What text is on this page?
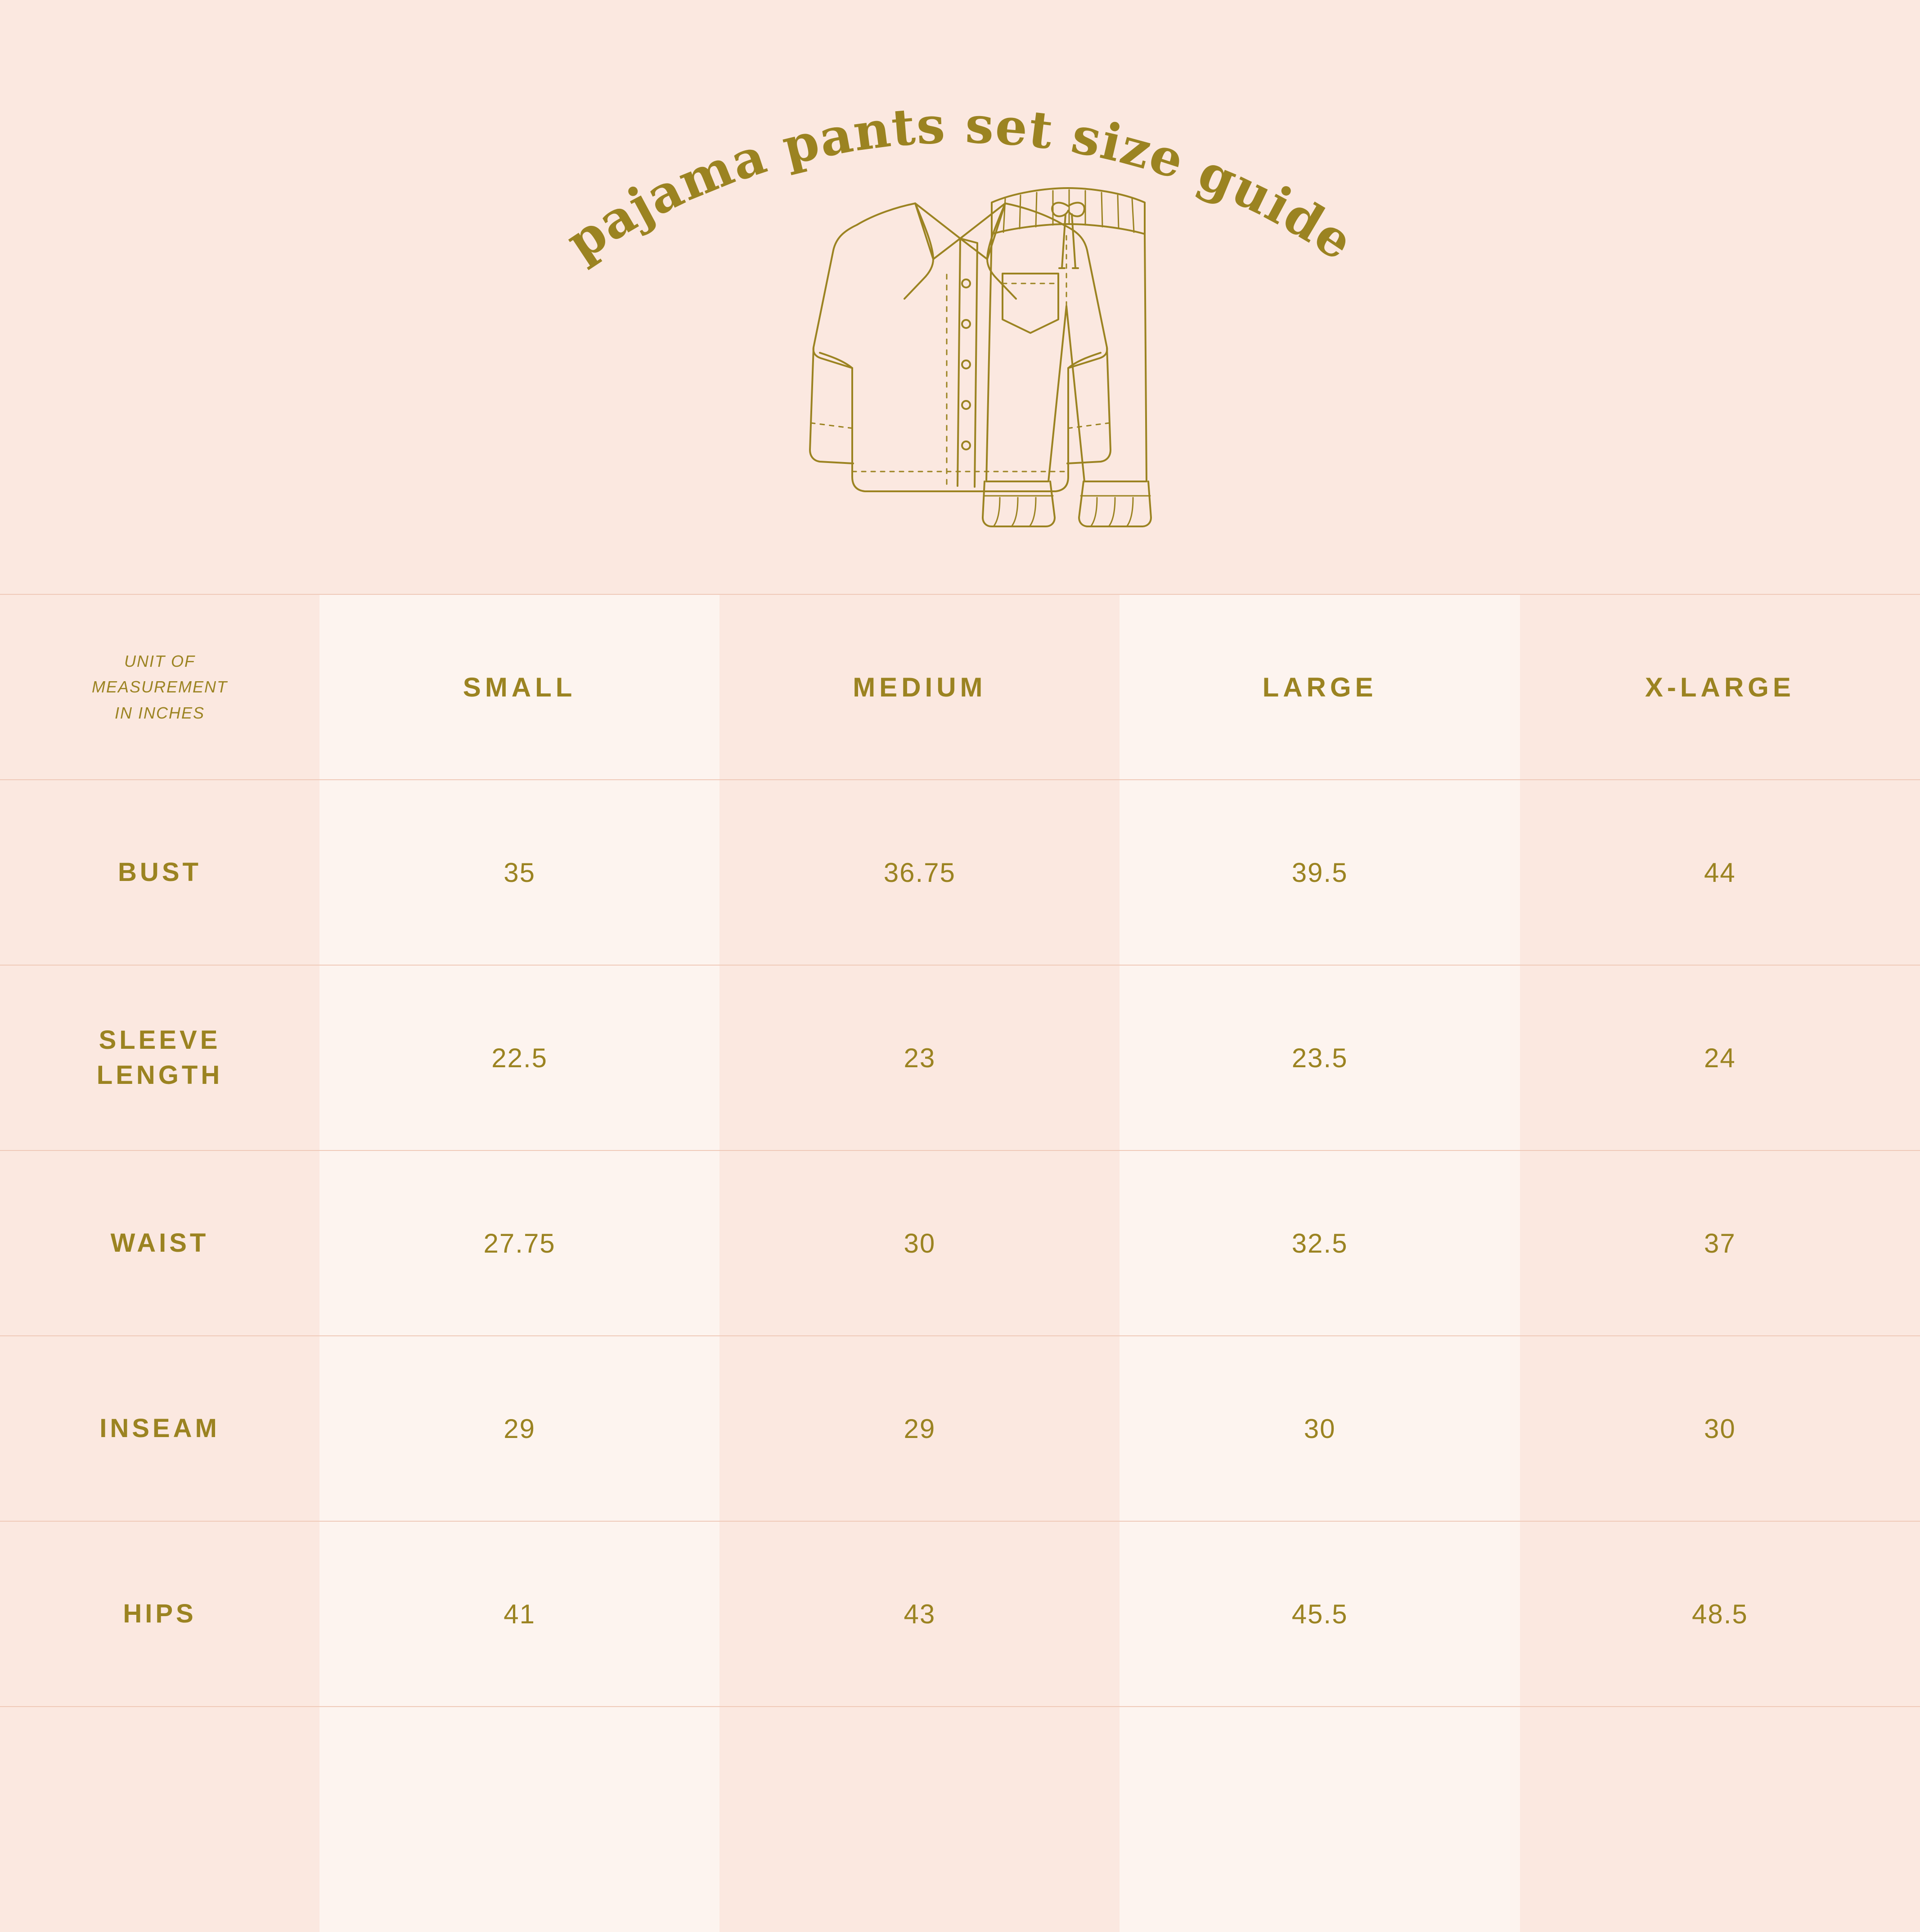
pajama pants set size guide
UNIT OF
MEASUREMENT
IN INCHES	SMALL	MEDIUM	LARGE	X-LARGE
BUST	35	36.75	39.5	44

SLEEVE
LENGTH	22.5	23	23.5	24
WAIST	27.75	30	32.5	37
INSEAM	29	29	30	30
HIPS	41	43	45.5	48.5
